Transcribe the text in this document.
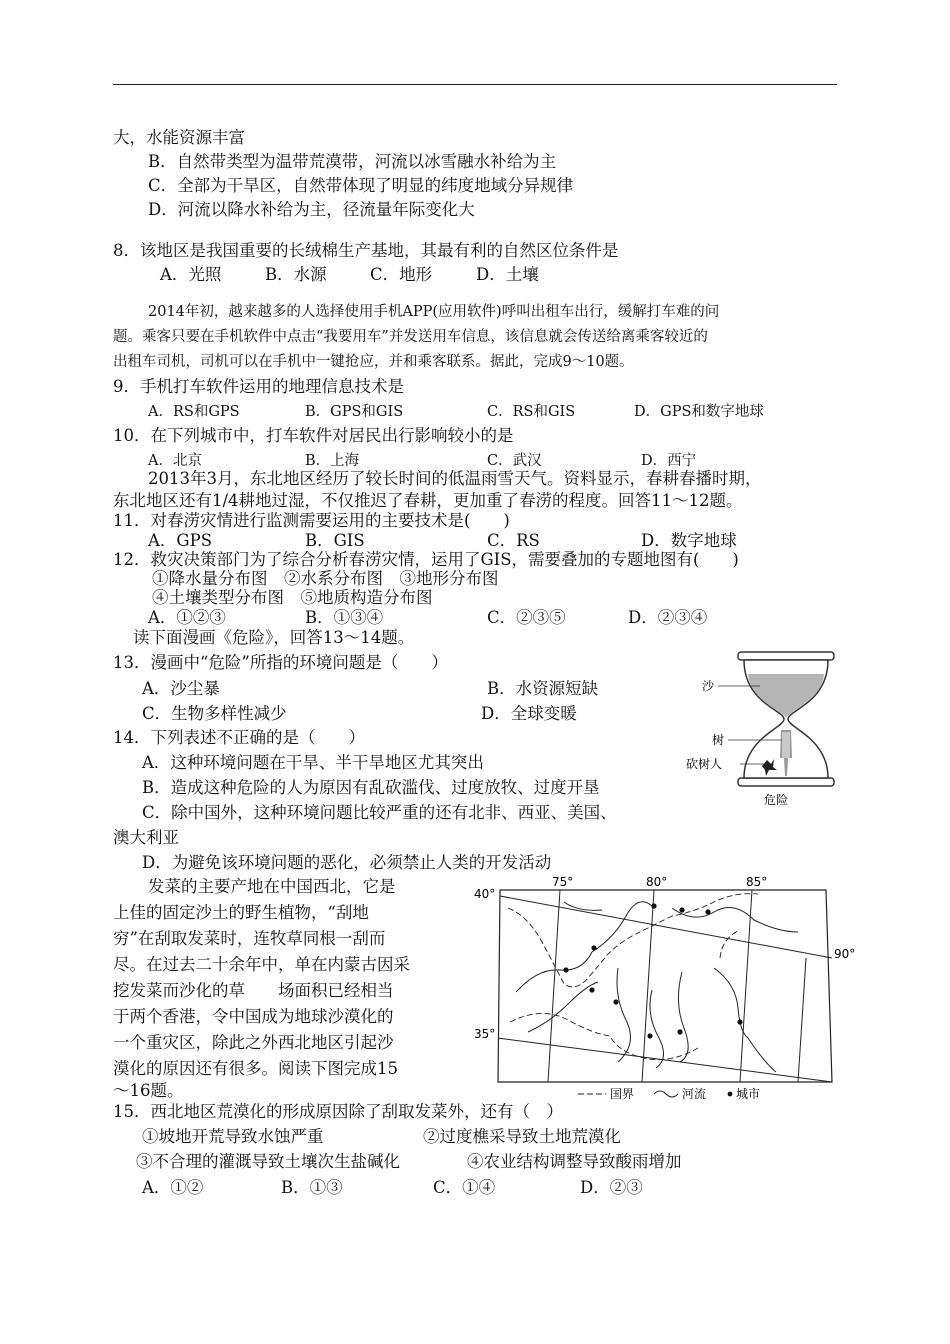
大，水能资源丰富
B．自然带类型为温带荒漠带，河流以冰雪融水补给为主
C．全部为干旱区，自然带体现了明显的纬度地域分异规律
D．河流以降水补给为主，径流量年际变化大
8．该地区是我国重要的长绒棉生产基地，其最有利的自然区位条件是
A．光照	B．水源	C．地形	D．土壤
2014年初，越来越多的人选择使用手机APP(应用软件)呼叫出租车出行，缓解打车难的问
题。乘客只要在手机软件中点击“我要用车”并发送用车信息，该信息就会传送给离乘客较近的
出租车司机，司机可以在手机中一键抢应，并和乘客联系。据此，完成9～10题。
9．手机打车软件运用的地理信息技术是
A．RS和GPS	B．GPS和GIS	C．RS和GIS	D．GPS和数字地球
10．在下列城市中，打车软件对居民出行影响较小的是
A．北京	B．上海	C．武汉	D．西宁
2013年3月，东北地区经历了较长时间的低温雨雪天气。资料显示，春耕春播时期，
东北地区还有1/4耕地过湿，不仅推迟了春耕，更加重了春涝的程度。回答11～12题。
11．对春涝灾情进行监测需要运用的主要技术是(　　)
A．GPS	B．GIS	C．RS	D．数字地球
12．救灾决策部门为了综合分析春涝灾情，运用了GIS，需要叠加的专题地图有(　　)
①降水量分布图　②水系分布图　③地形分布图
④土壤类型分布图　⑤地质构造分布图
A．①②③	B．①③④	C．②③⑤	D．②③④
读下面漫画《危险》，回答13～14题。
13．漫画中“危险”所指的环境问题是（　　）
A．沙尘暴	B．水资源短缺
C．生物多样性减少	D．全球变暖
14．下列表述不正确的是（　　）
A．这种环境问题在干旱、半干旱地区尤其突出
B．造成这种危险的人为原因有乱砍滥伐、过度放牧、过度开垦
C．除中国外，这种环境问题比较严重的还有北非、西亚、美国、
澳大利亚
D．为避免该环境问题的恶化，必须禁止人类的开发活动
沙
树
砍树人
危险
发菜的主要产地在中国西北，它是
上佳的固定沙土的野生植物，“刮地
穷”在刮取发菜时，连牧草同根一刮而
尽。在过去二十余年中，单在内蒙古因采
挖发菜而沙化的草　　场面积已经相当
于两个香港，令中国成为地球沙漠化的
一个重灾区，除此之外西北地区引起沙
漠化的原因还有很多。阅读下图完成15
～16题。
75°	80°	85°
90°
40°
35°
国界	河流 城市
15．西北地区荒漠化的形成原因除了刮取发菜外，还有（　）
①坡地开荒导致水蚀严重	②过度樵采导致土地荒漠化
③不合理的灌溉导致土壤次生盐碱化	④农业结构调整导致酸雨增加
A．①②	B．①③	C．①④	D．②③
